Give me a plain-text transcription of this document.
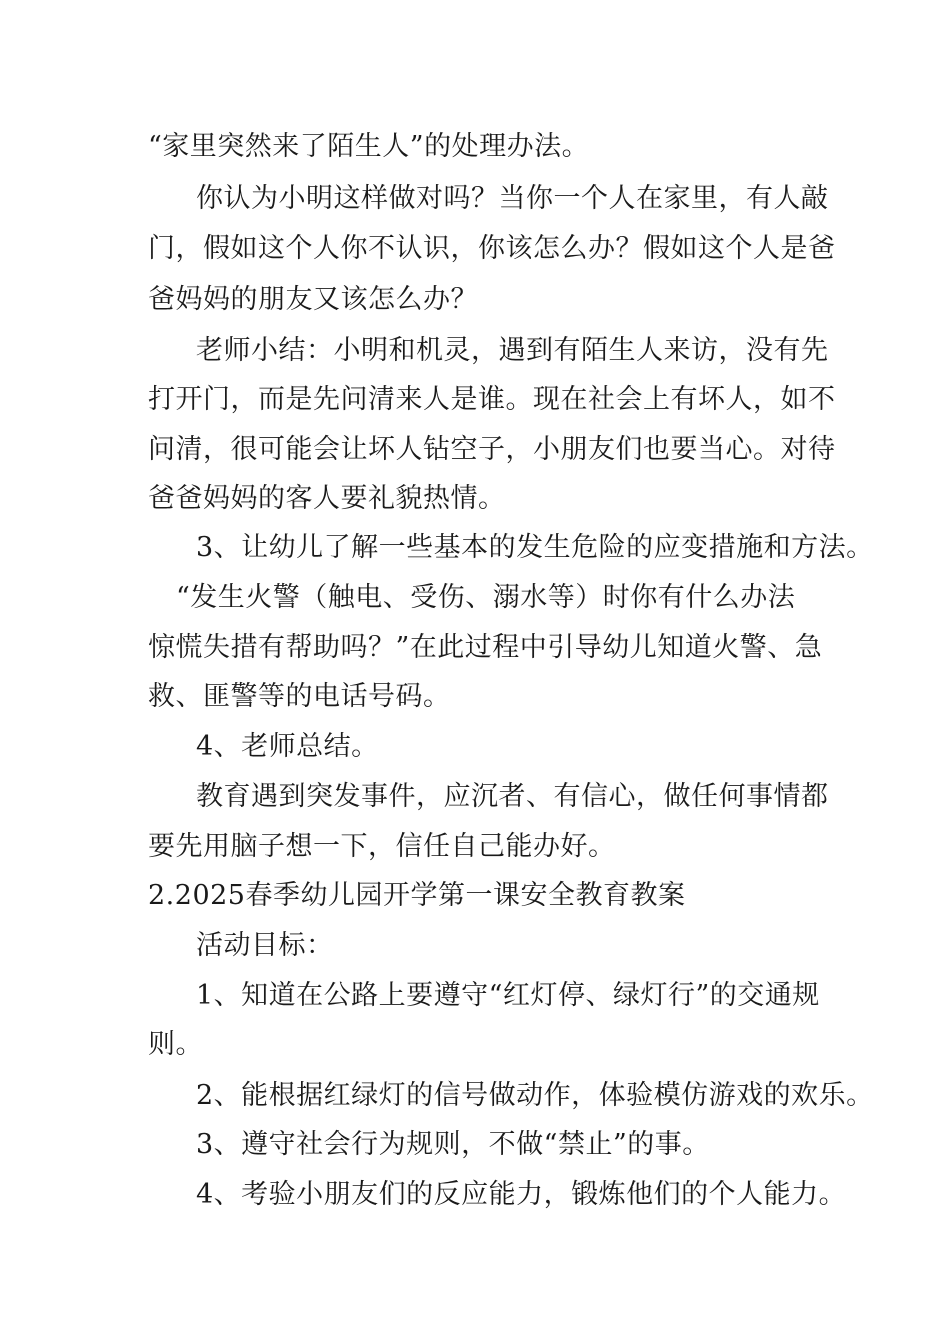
“家里突然来了陌生人”的处理办法。
你认为小明这样做对吗？当你一个人在家里，有人敲
门，假如这个人你不认识，你该怎么办？假如这个人是爸
爸妈妈的朋友又该怎么办？
老师小结：小明和机灵，遇到有陌生人来访，没有先
打开门，而是先问清来人是谁。现在社会上有坏人，如不
问清，很可能会让坏人钻空子，小朋友们也要当心。对待
爸爸妈妈的客人要礼貌热情。
3、让幼儿了解一些基本的发生危险的应变措施和方法。
“发生火警（触电、受伤、溺水等）时你有什么办法
惊慌失措有帮助吗？”在此过程中引导幼儿知道火警、急
救、匪警等的电话号码。
4、老师总结。
教育遇到突发事件，应沉者、有信心，做任何事情都
要先用脑子想一下，信任自己能办好。
2.2025春季幼儿园开学第一课安全教育教案
活动目标：
1、知道在公路上要遵守“红灯停、绿灯行”的交通规
则。
2、能根据红绿灯的信号做动作，体验模仿游戏的欢乐。
3、遵守社会行为规则，不做“禁止”的事。
4、考验小朋友们的反应能力，锻炼他们的个人能力。
